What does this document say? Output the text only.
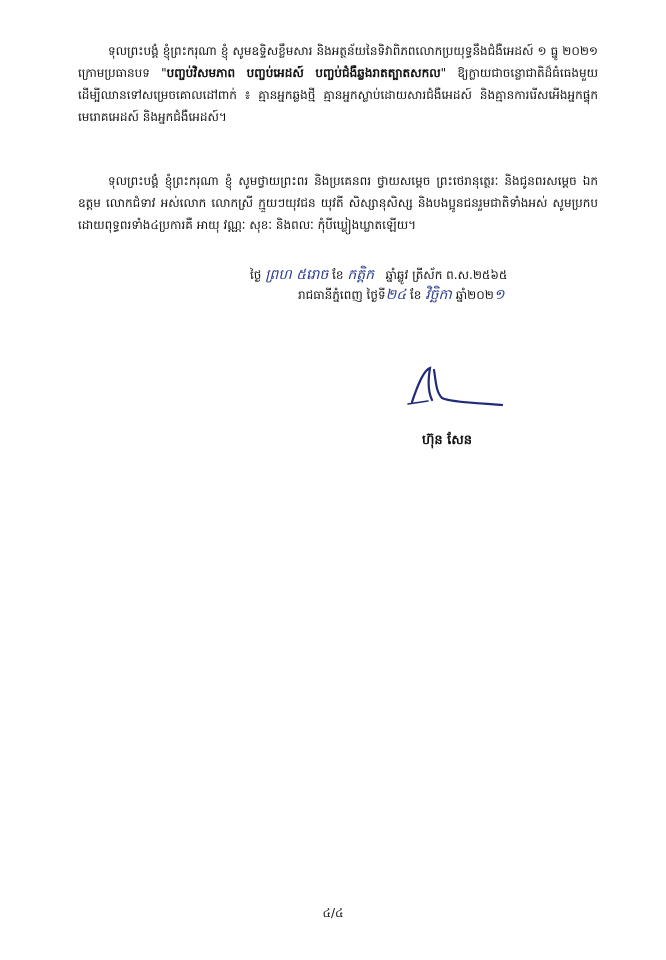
ទុលព្រះបង្គំ ខ្ញុំព្រះករុណា ខ្ញុំ សូមឧទ្ទិសខ្លឹមសារ និងអត្ថន័យនៃទិវាពិភពលោកប្រយុទ្ធនឹងជំងឺអេដស៍ ១ ធ្នូ ២០២១ ក្រោមប្រធានបទ "បញ្ចប់វិសមភាព បញ្ចប់អេដស៍ បញ្ចប់ជំងឺឆ្លងរាតត្បាតសកល" ឱ្យក្លាយជាចន្លោជាតិដ៏ធំធេងមួយ ដើម្បីឈានទៅសម្រេចគោលដៅពាក់ ៖ គ្មានអ្នកឆ្លងថ្មី គ្មានអ្នកស្លាប់ដោយសារជំងឺអេដស៍ និងគ្មានការរើសអើងអ្នកផ្ទុកមេរោគអេដស៍ និងអ្នកជំងឺអេដស៍។

ទុលព្រះបង្គំ ខ្ញុំព្រះករុណា ខ្ញុំ សូមថ្វាយព្រះពរ និងប្រគេនពរ ថ្វាយសម្តេច ព្រះថេរានុត្ថេរៈ និងជូនពរសម្តេច ឯកឧត្តម លោកជំទាវ អស់លោក លោកស្រី ក្មួយៗយុវជន យុវតី សិស្សានុសិស្ស និងបងប្អូនជនរួមជាតិទាំងអស់ សូមប្រកបដោយពុទ្ធពរទាំង៤ប្រការគឺ អាយុ វណ្ណៈ សុខៈ និងពលៈ កុំបីឃ្លៀងឃ្លាតឡើយ។

ថ្ងៃ ព្រហ ៥រោច ខែ កត្តិក ឆ្នាំឆ្លូវ ត្រីស័ក ព.ស.២៥៦៥
រាជធានីភ្នំពេញ ថ្ងៃទី២៤ ខែ វិច្ឆិកា ឆ្នាំ២០២១
ហ៊ុន សែន
៤/៤
